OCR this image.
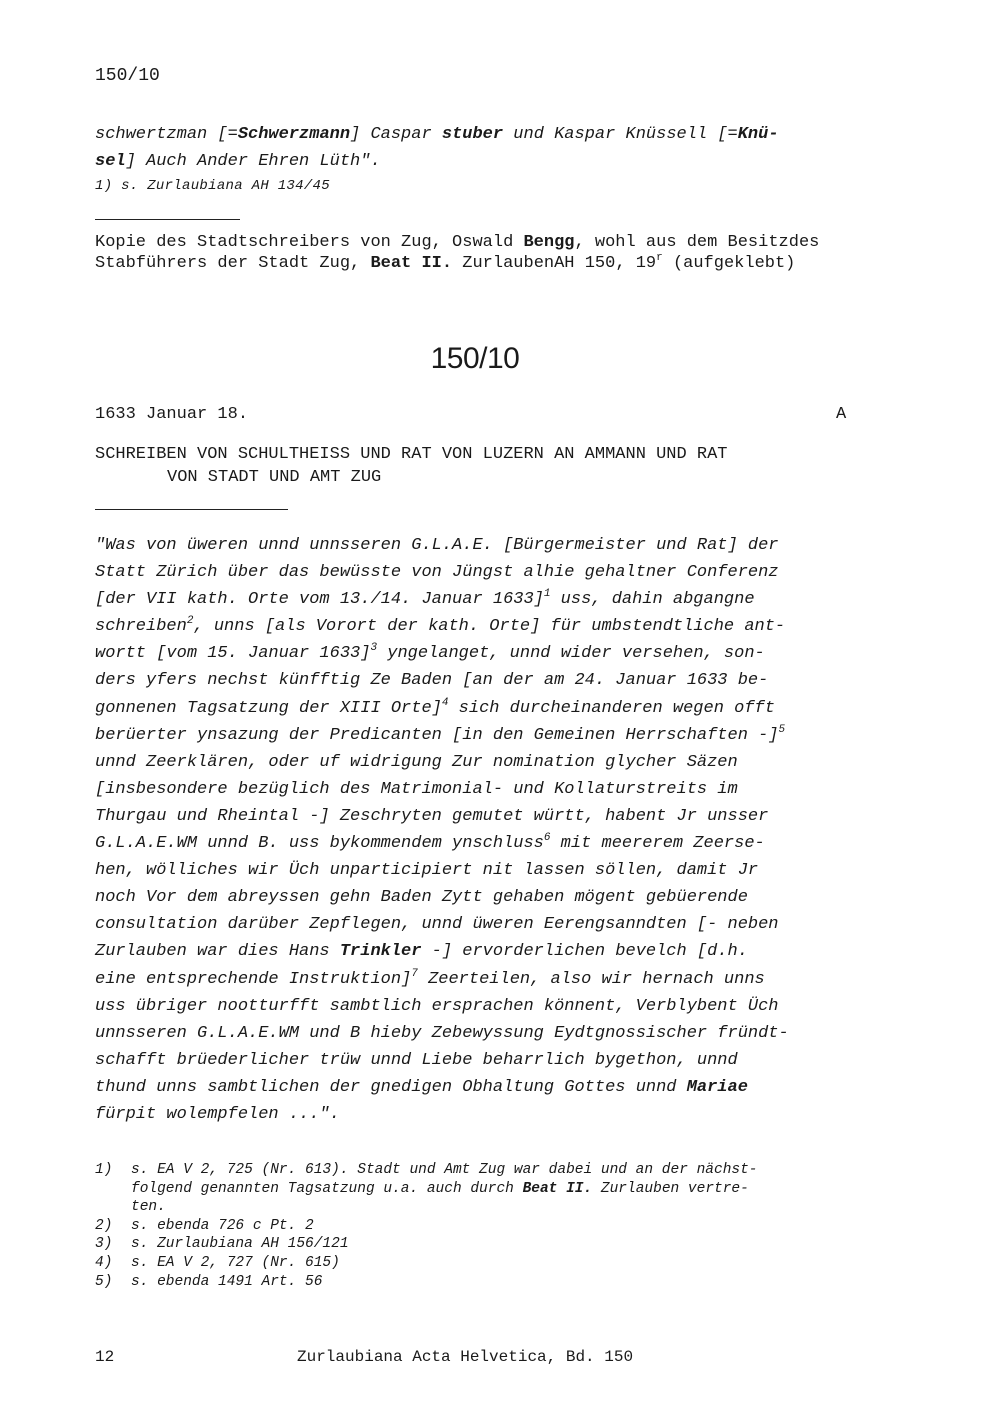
150/10
schwertzman [=Schwerzmann] Caspar stuber und Kaspar Knüssell [=Knü-
sel] Auch Ander Ehren Lüth".
1) s. Zurlaubiana AH 134/45
Kopie des Stadtschreibers von Zug, Oswald Bengg, wohl aus dem Besitzdes Stabführers der Stadt Zug, Beat II. ZurlaubenAH 150, 19$^r$ (aufgeklebt)
150/10
1633 Januar 18.	A
SCHREIBEN VON SCHULTHEISS UND RAT VON LUZERN AN AMMANN UND RAT
VON STADT UND AMT ZUG
"Was von üweren unnd unnsseren G.L.A.E. [Bürgermeister und Rat] der
Statt Zürich über das bewüsste von Jüngst alhie gehaltner Conferenz
[der VII kath. Orte vom 13./14. Januar 1633]$^1$ uss, dahin abgangne
schreiben$^2$, unns [als Vorort der kath. Orte] für umbstendtliche ant-
wortt [vom 15. Januar 1633]$^3$ yngelanget, unnd wider versehen, son-
ders yfers nechst künfftig Ze Baden [an der am 24. Januar 1633 be-
gonnenen Tagsatzung der XIII Orte]$^4$ sich durcheinanderen wegen offt
berüerter ynsazung der Predicanten [in den Gemeinen Herrschaften -]$^5$
unnd Zeerklären, oder uf widrigung Zur nomination glycher Säzen
[insbesondere bezüglich des Matrimonial- und Kollaturstreits im
Thurgau und Rheintal -] Zeschryten gemutet württ, habent Jr unsser
G.L.A.E.WM unnd B. uss bykommendem ynschluss$^6$ mit meererem Zeerse-
hen, wölliches wir Üch unparticipiert nit lassen söllen, damit Jr
noch Vor dem abreyssen gehn Baden Zytt gehaben mögent gebüerende
consultation darüber Zepflegen, unnd üweren Eerengsanndten [- neben
Zurlauben war dies Hans Trinkler -] ervorderlichen bevelch [d.h.
eine entsprechende Instruktion]$^7$ Zeerteilen, also wir hernach unns
uss übriger nootturfft sambtlich ersprachen könnent, Verblybent Üch
unnsseren G.L.A.E.WM und B hieby Zebewyssung Eydtgnossischer fründt-
schafft brüederlicher trüw unnd Liebe beharrlich bygethon, unnd
thund unns sambtlichen der gnedigen Obhaltung Gottes unnd Mariae
fürpit wolempfelen ...".
1)	s. EA V 2, 725 (Nr. 613). Stadt und Amt Zug war dabei und an der nächst-
folgend genannten Tagsatzung u.a. auch durch Beat II. Zurlauben vertre-
ten.
2)	s. ebenda 726 c Pt. 2
3)	s. Zurlaubiana AH 156/121
4)	s. EA V 2, 727 (Nr. 615)
5)	s. ebenda 1491 Art. 56
12	Zurlaubiana Acta Helvetica, Bd. 150
